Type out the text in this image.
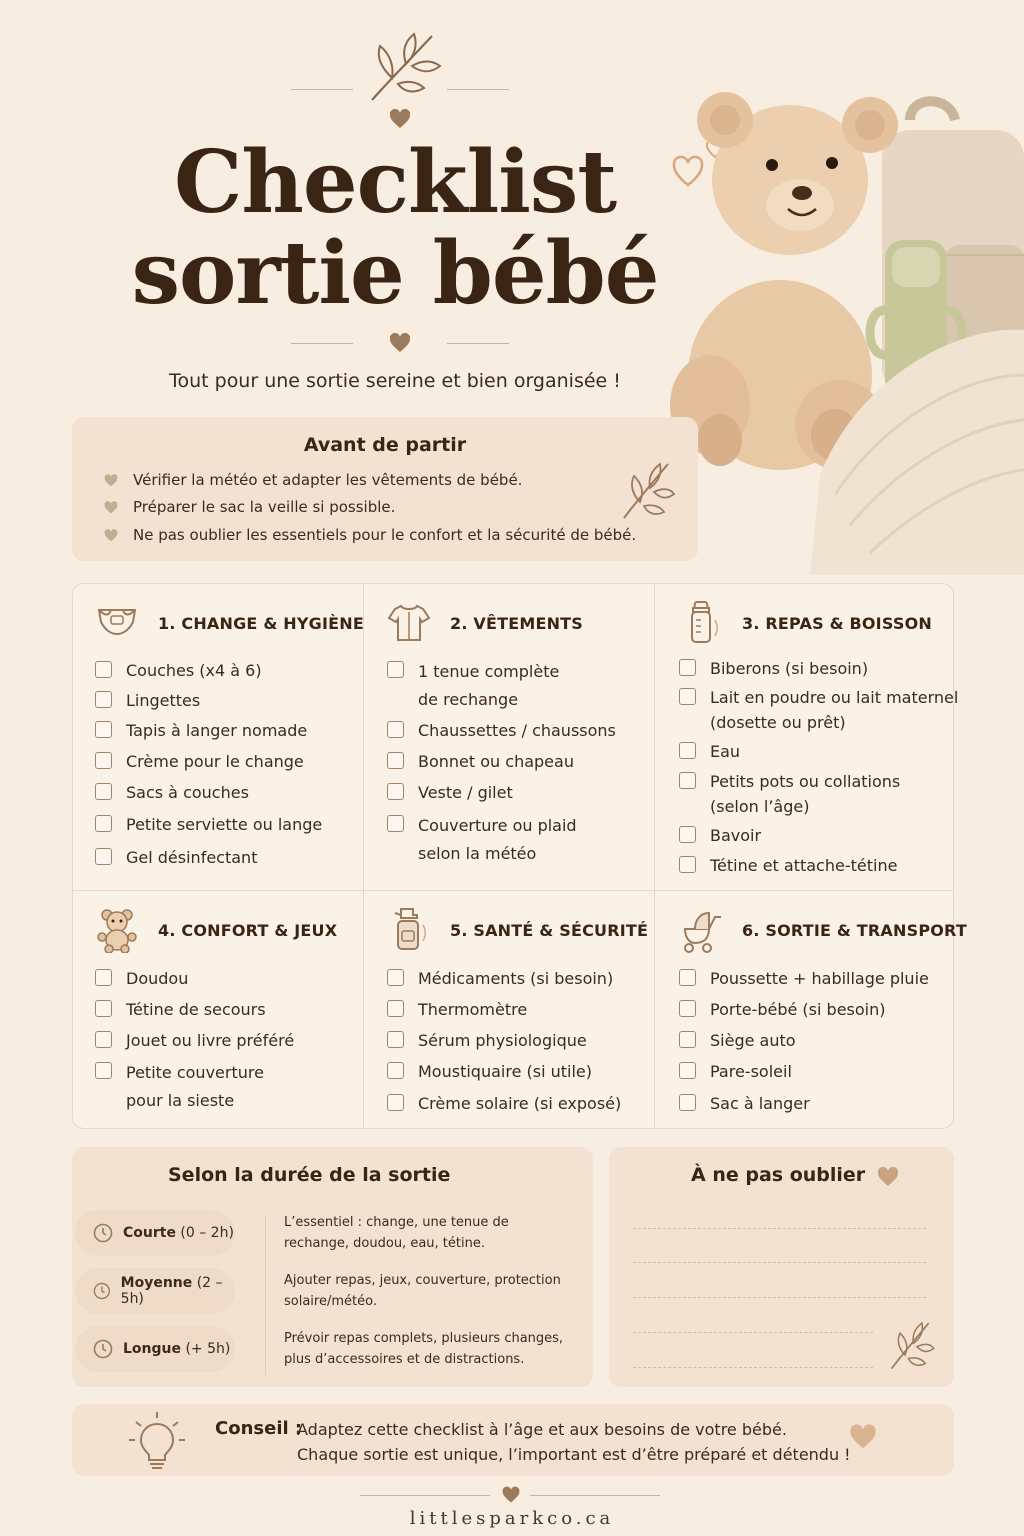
Checklist
sortie bébé
Tout pour une sortie sereine et bien organisée !
Avant de partir
Vérifier la météo et adapter les vêtements de bébé.
Préparer le sac la veille si possible.
Ne pas oublier les essentiels pour le confort et la sécurité de bébé.
1. CHANGE & HYGIÈNE
Couches (x4 à 6)
Lingettes
Tapis à langer nomade
Crème pour le change
Sacs à couches
Petite serviette ou lange
Gel désinfectant
2. VÊTEMENTS
1 tenue complète
de rechange
Chaussettes / chaussons
Bonnet ou chapeau
Veste / gilet
Couverture ou plaid
selon la météo
3. REPAS & BOISSON
Biberons (si besoin)
Lait en poudre ou lait maternel
(dosette ou prêt)
Eau
Petits pots ou collations
(selon l’âge)
Bavoir
Tétine et attache-tétine
4. CONFORT & JEUX
Doudou
Tétine de secours
Jouet ou livre préféré
Petite couverture
pour la sieste
5. SANTÉ & SÉCURITÉ
Médicaments (si besoin)
Thermomètre
Sérum physiologique
Moustiquaire (si utile)
Crème solaire (si exposé)
6. SORTIE & TRANSPORT
Poussette + habillage pluie
Porte-bébé (si besoin)
Siège auto
Pare-soleil
Sac à langer
Selon la durée de la sortie
Courte (0 – 2h)
L’essentiel : change, une tenue de rechange, doudou, eau, tétine.
Moyenne (2 – 5h)
Ajouter repas, jeux, couverture, protection solaire/météo.
Longue (+ 5h)
Prévoir repas complets, plusieurs changes, plus d’accessoires et de distractions.
À ne pas oublier
Conseil :
Adaptez cette checklist à l’âge et aux besoins de votre bébé.
Chaque sortie est unique, l’important est d’être préparé et détendu !
littlesparkco.ca
